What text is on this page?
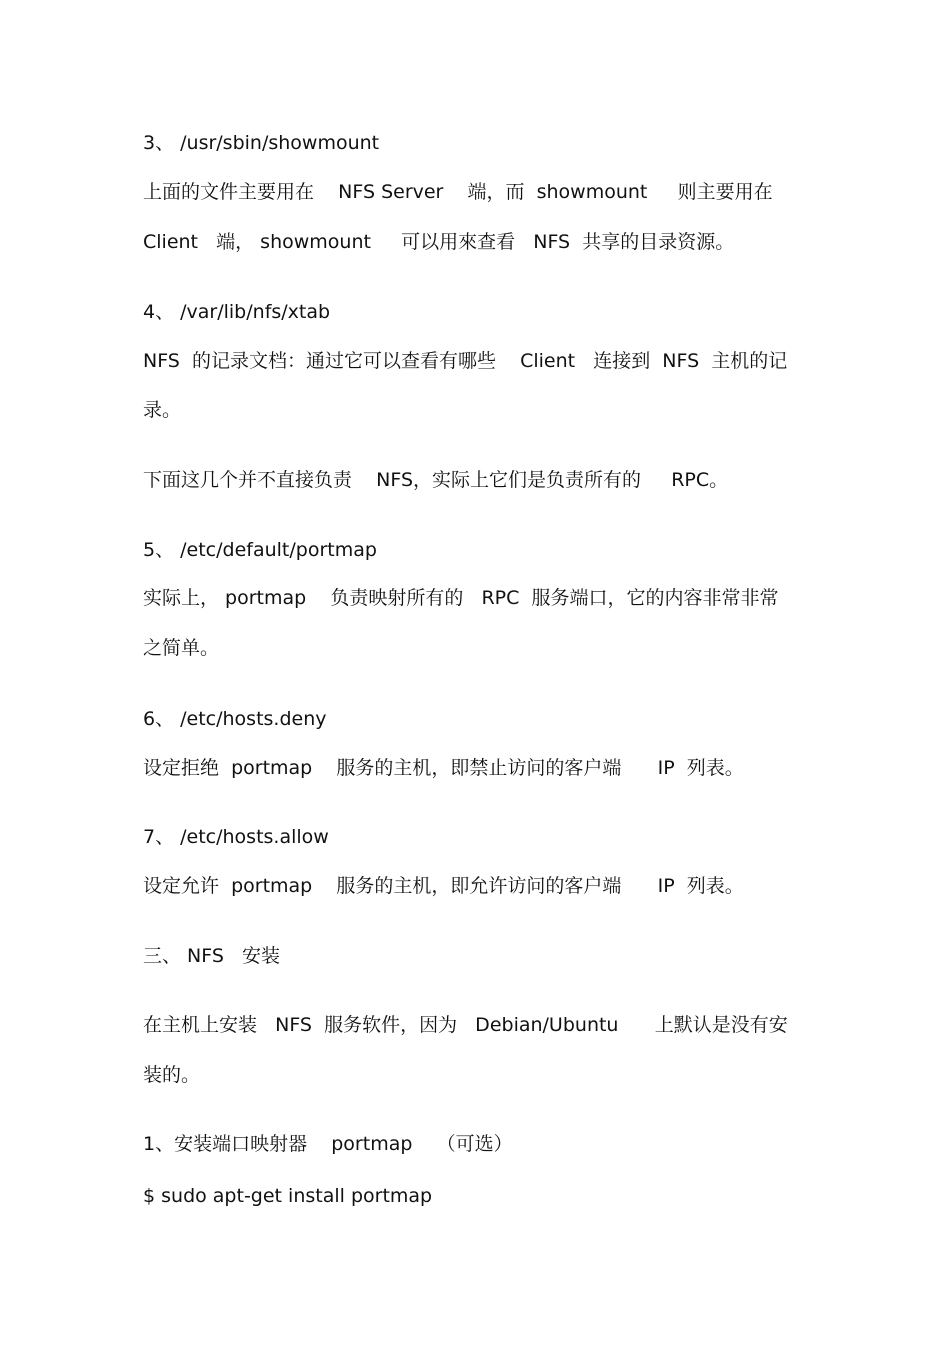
3、 /usr/sbin/showmount
上面的文件主要用在    NFS Server    端，而  showmount     则主要用在
Client   端， showmount     可以用來查看   NFS  共享的目录资源。
4、 /var/lib/nfs/xtab
NFS  的记录文档：通过它可以查看有哪些    Client   连接到  NFS  主机的记
录。
下面这几个并不直接负责    NFS，实际上它们是负责所有的     RPC。
5、 /etc/default/portmap
实际上， portmap    负责映射所有的   RPC  服务端口，它的内容非常非常
之简单。
6、 /etc/hosts.deny
设定拒绝  portmap    服务的主机，即禁止访问的客户端      IP  列表。
7、 /etc/hosts.allow
设定允许  portmap    服务的主机，即允许访问的客户端      IP  列表。
三、 NFS   安装
在主机上安装   NFS  服务软件，因为   Debian/Ubuntu      上默认是没有安
装的。
1、安装端口映射器    portmap    （可选）
$ sudo apt-get install portmap
